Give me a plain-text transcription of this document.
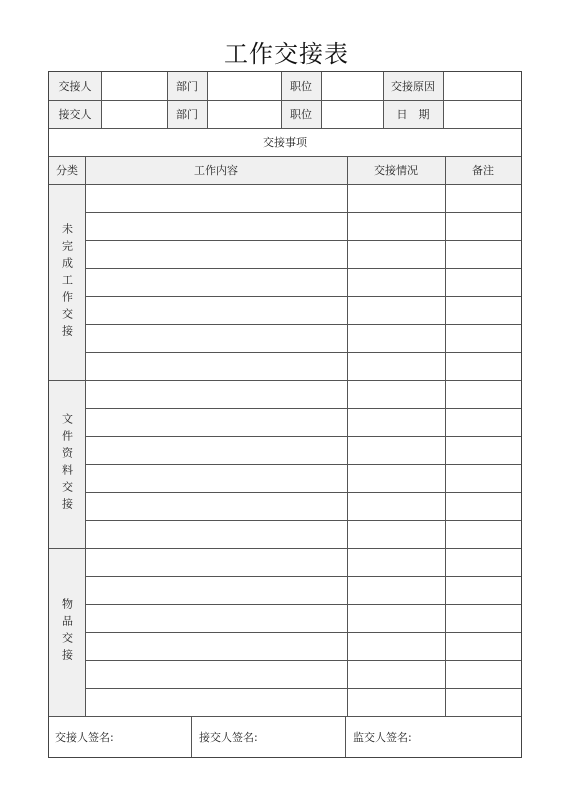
工作交接表
交接人	部门	职位	交接原因
接交人	部门	职位	日　期
交接事项
分类	工作内容	交接情况	备注
未完成工作交接
文件资料交接
物品交接
交接人签名:	接交人签名:	监交人签名:
